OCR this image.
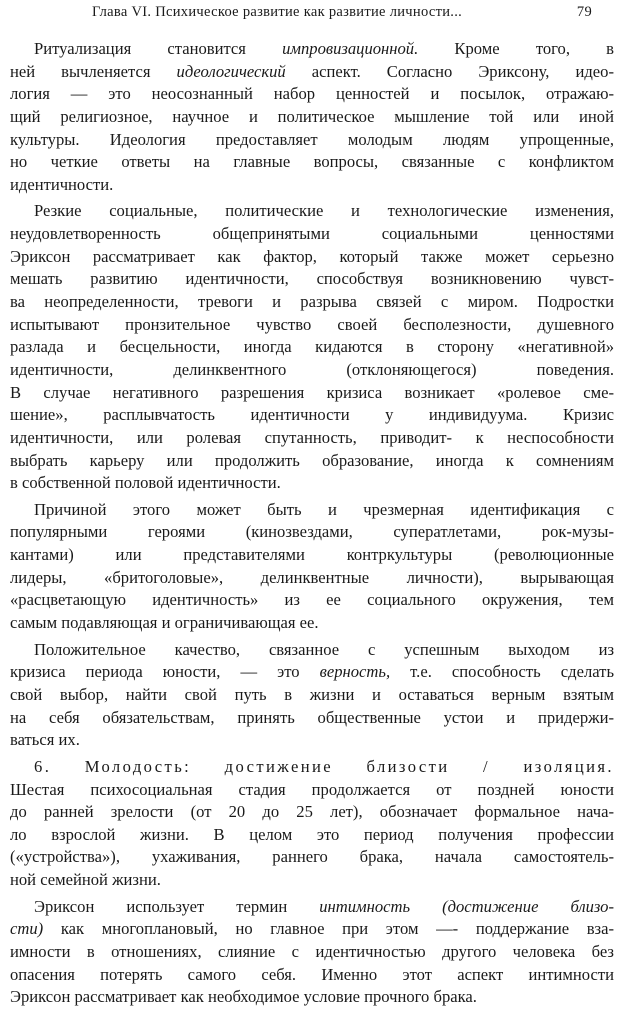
Глава VI. Психическое развитие как развитие личности...	79
Ритуализация становится импровизационной. Кроме того, в
ней вычленяется идеологический аспект. Согласно Эриксону, идео-
логия — это неосознанный набор ценностей и посылок, отражаю-
щий религиозное, научное и политическое мышление той или иной
культуры. Идеология предоставляет молодым людям упрощенные,
но четкие ответы на главные вопросы, связанные с конфликтом
идентичности.
Резкие социальные, политические и технологические изменения,
неудовлетворенность общепринятыми социальными ценностями
Эриксон рассматривает как фактор, который также может серьезно
мешать развитию идентичности, способствуя возникновению чувст-
ва неопределенности, тревоги и разрыва связей с миром. Подростки
испытывают пронзительное чувство своей бесполезности, душевного
разлада и бесцельности, иногда кидаются в сторону «негативной»
идентичности, делинквентного (отклоняющегося) поведения.
В случае негативного разрешения кризиса возникает «ролевое сме-
шение», расплывчатость идентичности у индивидуума. Кризис
идентичности, или ролевая спутанность, приводит- к неспособности
выбрать карьеру или продолжить образование, иногда к сомнениям
в собственной половой идентичности.
Причиной этого может быть и чрезмерная идентификация с
популярными героями (кинозвездами, суператлетами, рок-музы-
кантами) или представителями контркультуры (революционные
лидеры, «бритоголовые», делинквентные личности), вырывающая
«расцветающую идентичность» из ее социального окружения, тем
самым подавляющая и ограничивающая ее.
Положительное качество, связанное с успешным выходом из
кризиса периода юности, — это верность, т.е. способность сделать
свой выбор, найти свой путь в жизни и оставаться верным взятым
на себя обязательствам, принять общественные устои и придержи-
ваться их.
6. Молодость: достижение близости / изоляция.
Шестая психосоциальная стадия продолжается от поздней юности
до ранней зрелости (от 20 до 25 лет), обозначает формальное нача-
ло взрослой жизни. В целом это период получения профессии
(«устройства»), ухаживания, раннего брака, начала самостоятель-
ной семейной жизни.
Эриксон использует термин интимность (достижение близо-
сти) как многоплановый, но главное при этом —- поддержание вза-
имности в отношениях, слияние с идентичностью другого человека без
опасения потерять самого себя. Именно этот аспект интимности
Эриксон рассматривает как необходимое условие прочного брака.
